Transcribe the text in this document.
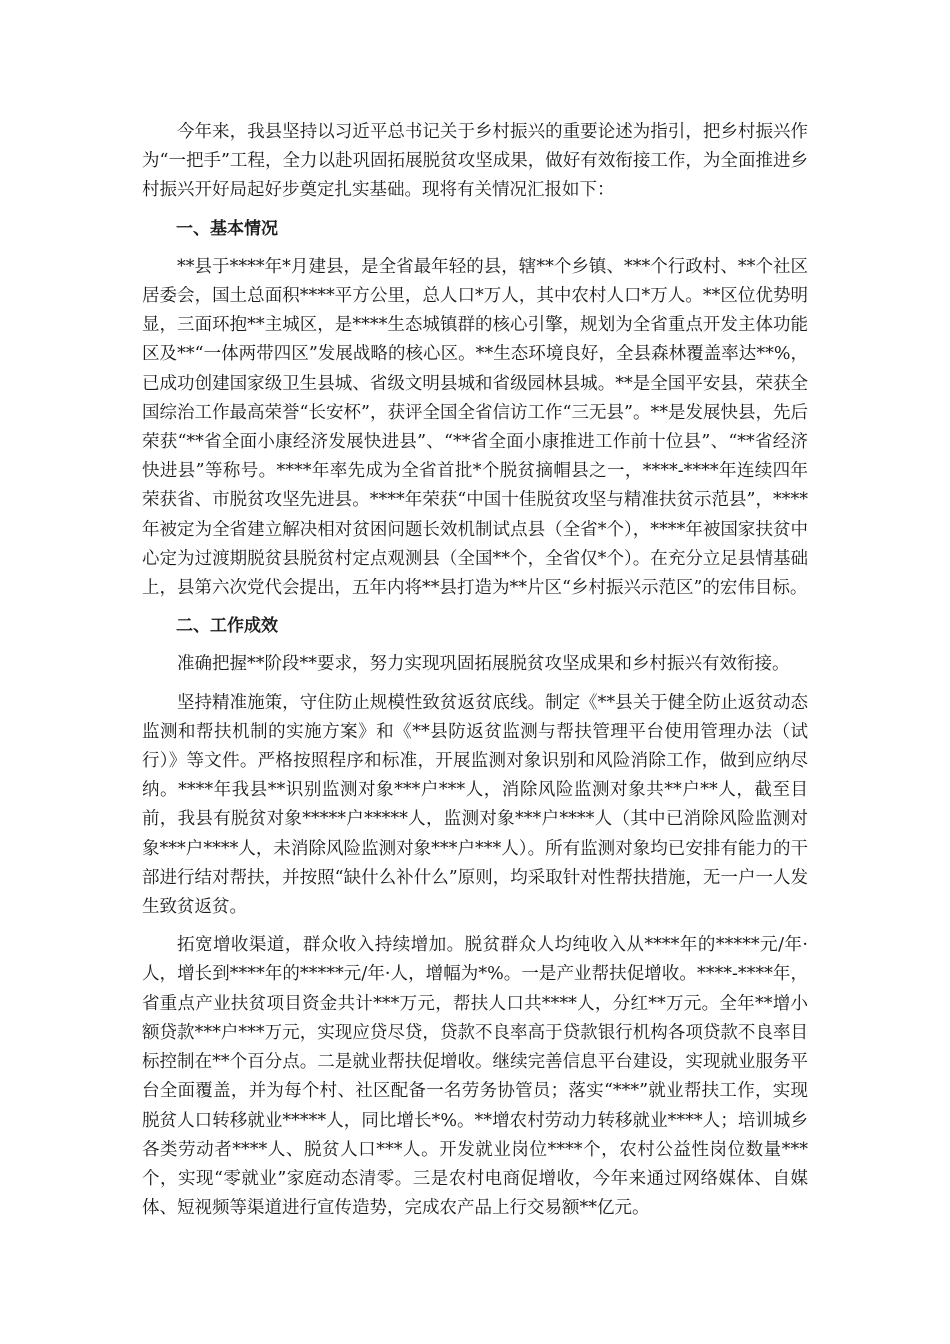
今年来，我县坚持以习近平总书记关于乡村振兴的重要论述为指引，把乡村振兴作为“一把手”工程，全力以赴巩固拓展脱贫攻坚成果，做好有效衔接工作，为全面推进乡村振兴开好局起好步奠定扎实基础。现将有关情况汇报如下：

一、基本情况

**县于****年*月建县，是全省最年轻的县，辖**个乡镇、***个行政村、**个社区居委会，国土总面积****平方公里，总人口*万人，其中农村人口*万人。**区位优势明显，三面环抱**主城区，是****生态城镇群的核心引擎，规划为全省重点开发主体功能区及**“一体两带四区”发展战略的核心区。**生态环境良好，全县森林覆盖率达**%，已成功创建国家级卫生县城、省级文明县城和省级园林县城。**是全国平安县，荣获全国综治工作最高荣誉“长安杯”，获评全国全省信访工作“三无县”。**是发展快县，先后荣获“**省全面小康经济发展快进县”、“**省全面小康推进工作前十位县”、“**省经济快进县”等称号。****年率先成为全省首批*个脱贫摘帽县之一，****-****年连续四年荣获省、市脱贫攻坚先进县。****年荣获“中国十佳脱贫攻坚与精准扶贫示范县”，****年被定为全省建立解决相对贫困问题长效机制试点县（全省*个），****年被国家扶贫中心定为过渡期脱贫县脱贫村定点观测县（全国**个，全省仅*个）。在充分立足县情基础上，县第六次党代会提出，五年内将**县打造为**片区“乡村振兴示范区”的宏伟目标。

二、工作成效

准确把握**阶段**要求，努力实现巩固拓展脱贫攻坚成果和乡村振兴有效衔接。

坚持精准施策，守住防止规模性致贫返贫底线。制定《**县关于健全防止返贫动态监测和帮扶机制的实施方案》和《**县防返贫监测与帮扶管理平台使用管理办法（试行）》等文件。严格按照程序和标准，开展监测对象识别和风险消除工作，做到应纳尽纳。****年我县**识别监测对象***户***人，消除风险监测对象共**户**人，截至目前，我县有脱贫对象*****户*****人，监测对象***户****人（其中已消除风险监测对象***户****人，未消除风险监测对象***户***人）。所有监测对象均已安排有能力的干部进行结对帮扶，并按照“缺什么补什么”原则，均采取针对性帮扶措施，无一户一人发生致贫返贫。

拓宽增收渠道，群众收入持续增加。脱贫群众人均纯收入从****年的*****元/年·人，增长到****年的*****元/年·人，增幅为*%。一是产业帮扶促增收。****-****年，省重点产业扶贫项目资金共计***万元，帮扶人口共****人，分红**万元。全年**增小额贷款***户***万元，实现应贷尽贷，贷款不良率高于贷款银行机构各项贷款不良率目标控制在**个百分点。二是就业帮扶促增收。继续完善信息平台建设，实现就业服务平台全面覆盖，并为每个村、社区配备一名劳务协管员；落实“***”就业帮扶工作，实现脱贫人口转移就业*****人，同比增长*%。**增农村劳动力转移就业****人；培训城乡各类劳动者****人、脱贫人口***人。开发就业岗位****个，农村公益性岗位数量***个，实现“零就业”家庭动态清零。三是农村电商促增收，今年来通过网络媒体、自媒体、短视频等渠道进行宣传造势，完成农产品上行交易额**亿元。
